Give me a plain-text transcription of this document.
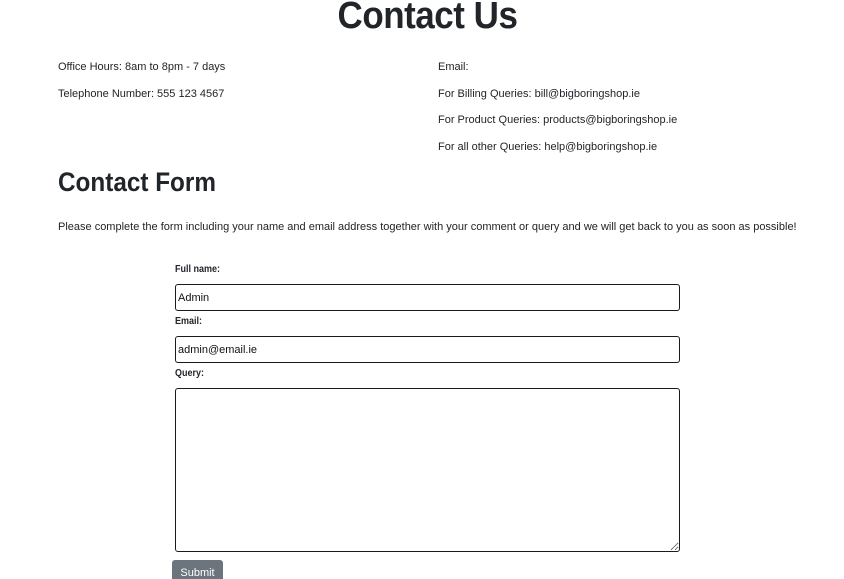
Contact Us
Office Hours: 8am to 8pm - 7 days
Telephone Number: 555 123 4567
Email:
For Billing Queries: bill@bigboringshop.ie
For Product Queries: products@bigboringshop.ie
For all other Queries: help@bigboringshop.ie
Contact Form
Please complete the form including your name and email address together with your comment or query and we will get back to you as soon as possible!
Full name:
Admin
Email:
admin@email.ie
Query:
Submit
